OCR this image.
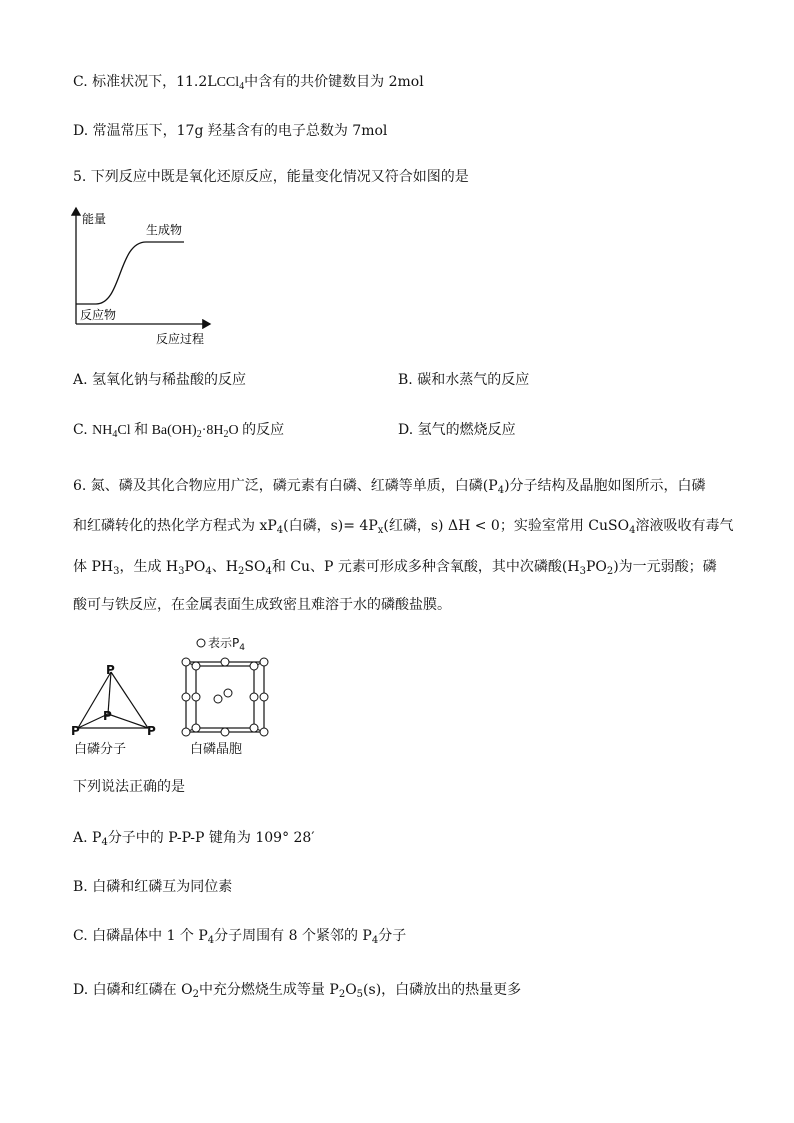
C. 标准状况下，11.2LCCl$_4$中含有的共价键数目为 2mol
D. 常温常压下，17g 羟基含有的电子总数为 7mol
5. 下列反应中既是氧化还原反应，能量变化情况又符合如图的是
能量
生成物
反应物
反应过程
A. 氢氧化钠与稀盐酸的反应	B. 碳和水蒸气的反应
C. $NH_4Cl$ 和 $Ba(OH)_2\cdot 8H_2O$ 的反应	D. 氢气的燃烧反应
6. 氮、磷及其化合物应用广泛，磷元素有白磷、红磷等单质，白磷$(P_4)$分子结构及晶胞如图所示，白磷
和红磷转化的热化学方程式为 $xP_4$(白磷，$s)= 4P_x$(红磷，s) ΔH < 0；实验室常用 CuSO$_4$溶液吸收有毒气
体 $PH_3$，生成 $H_3PO_4$、$H_2SO_4$和 Cu、P 元素可形成多种含氧酸，其中次磷酸$(H_3PO_2)$为一元弱酸；磷
酸可与铁反应，在金属表面生成致密且难溶于水的磷酸盐膜。
P
P
P	P
白磷分子
表示$P_4$
白磷晶胞
下列说法正确的是
A. $P_4$分子中的 P-P-P 键角为 109° 28′
B. 白磷和红磷互为同位素
C. 白磷晶体中 1 个 $P_4$分子周围有 8 个紧邻的 $P_4$分子
D. 白磷和红磷在 $O_2$中充分燃烧生成等量 $P_2O_5(s)$，白磷放出的热量更多
